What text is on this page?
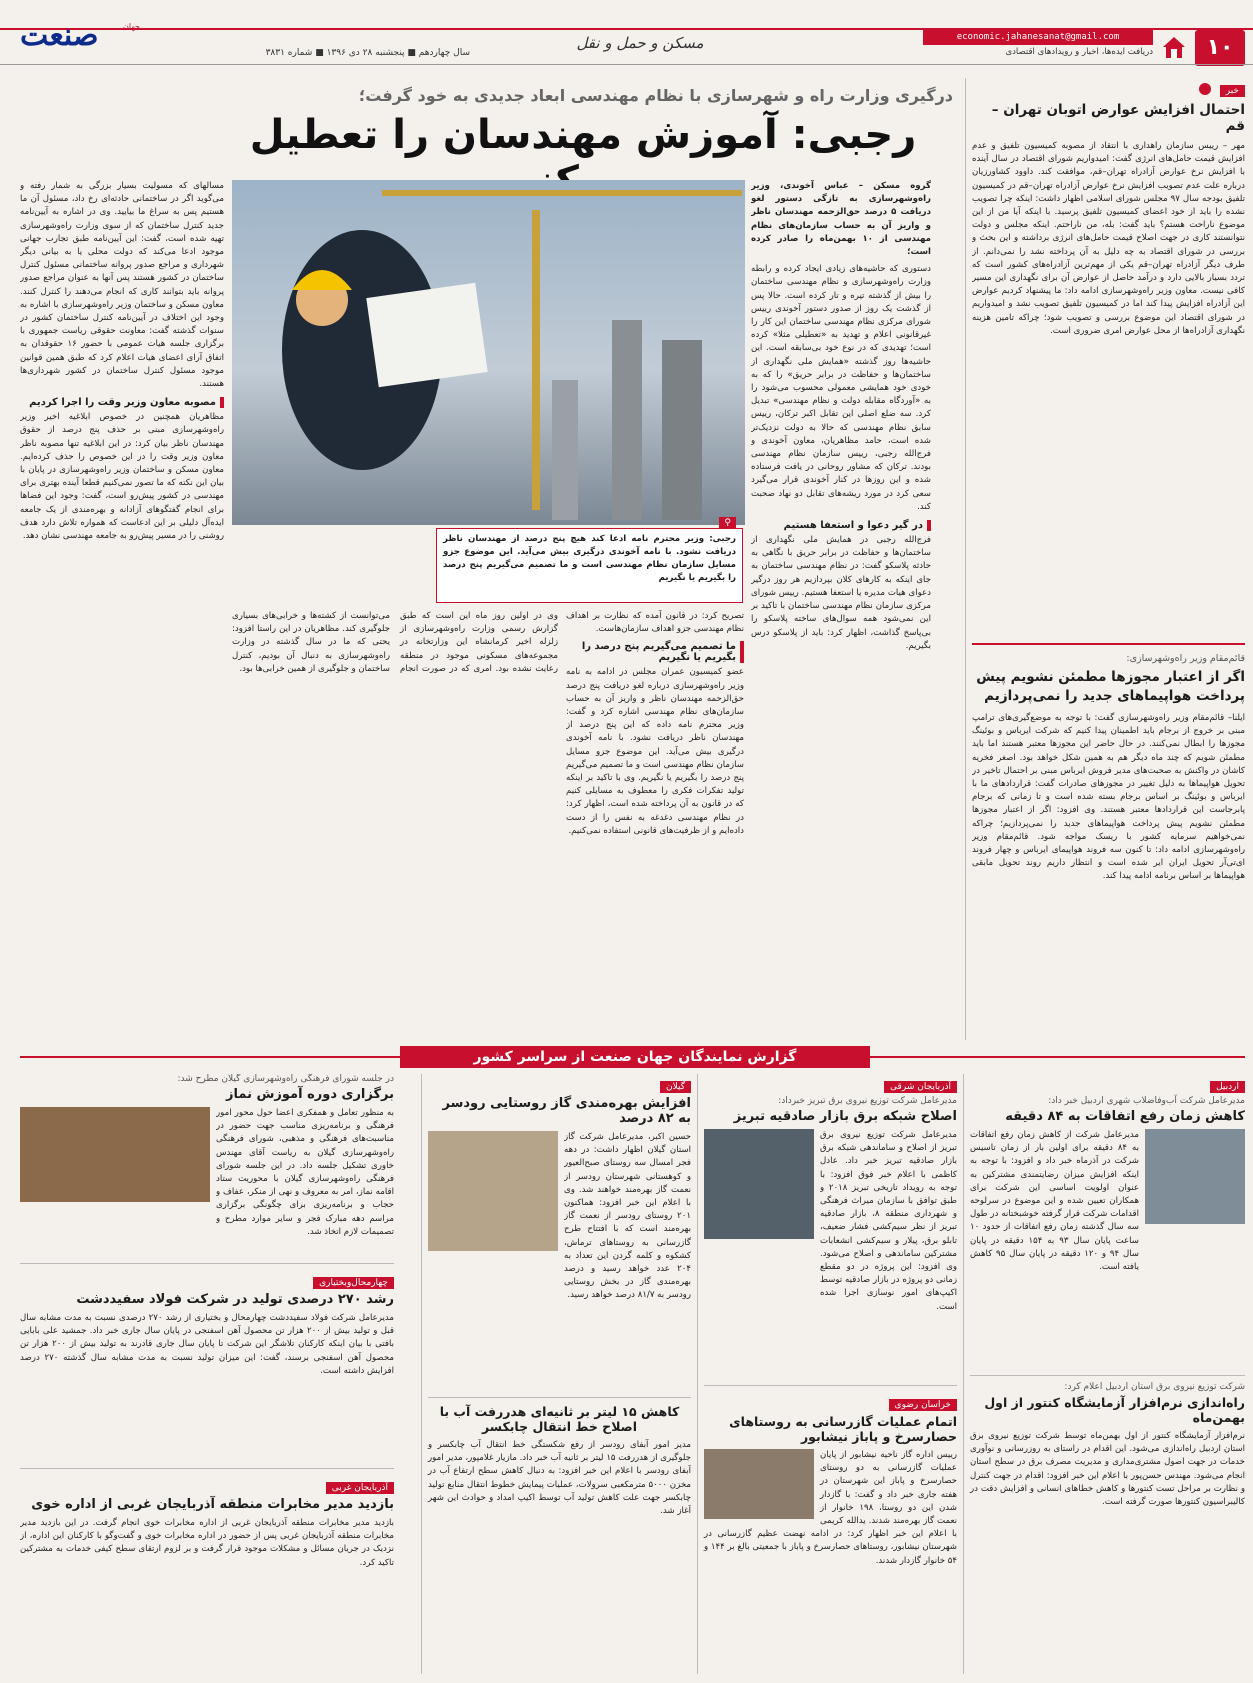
۱۰
economic.jahanesanat@gmail.com
دریافت ایده‌ها، اخبار و رویدادهای اقتصادی
مسکن و حمل و نقل
جهان
صنعت	سال چهاردهم ■ پنجشنبه ۲۸ دی ۱۳۹۶ ■ شماره ۳۸۳۱
خبر
احتمال افزایش عوارض اتوبان تهران – قم
مهر – رییس سازمان راهداری با انتقاد از مصوبه کمیسیون تلفیق و عدم افزایش قیمت حامل‌های انرژی گفت: امیدواریم شورای اقتصاد در سال آینده با افزایش نرخ عوارض آزادراه تهران–قم، موافقت کند. داوود کشاورزیان درباره علت عدم تصویب افزایش نرخ عوارض آزادراه تهران–قم در کمیسیون تلفیق بودجه سال ۹۷ مجلس شورای اسلامی اظهار داشت: اینکه چرا تصویب نشده را باید از خود اعضای کمیسیون تلفیق پرسید. با اینکه آیا من از این موضوع ناراحت هستم؟ باید گفت: بله، من ناراحتم. اینکه مجلس و دولت نتوانستند کاری در جهت اصلاح قیمت حامل‌های انرژی برداشته و این بحث و بررسی در شورای اقتصاد به چه دلیل به آن پرداخته نشد را نمی‌دانم. از طرف دیگر آزادراه تهران–قم یکی از مهم‌ترین آزادراه‌های کشور است که تردد بسیار بالایی دارد و درآمد حاصل از عوارض آن برای نگهداری این مسیر کافی نیست. معاون وزیر راه‌وشهرسازی ادامه داد: ما پیشنهاد کردیم عوارض این آزادراه افزایش پیدا کند اما در کمیسیون تلفیق تصویب نشد و امیدواریم در شورای اقتصاد این موضوع بررسی و تصویب شود؛ چراکه تامین هزینه نگهداری آزادراه‌ها از محل عوارض امری ضروری است.
قائم‌مقام وزیر راه‌وشهرسازی:
اگر از اعتبار مجوزها مطمئن نشویم پیش پرداخت هواپیماهای جدید را نمی‌پردازیم
ایلنا– قائم‌مقام وزیر راه‌وشهرسازی گفت: با توجه به موضع‌گیری‌های ترامپ مبنی بر خروج از برجام باید اطمینان پیدا کنیم که شرکت ایرباس و بوئینگ مجوزها را ابطال نمی‌کنند. در حال حاضر این مجوزها معتبر هستند اما باید مطمئن شویم که چند ماه دیگر هم به همین شکل خواهد بود. اصغر فخریه کاشان در واکنش به صحبت‌های مدیر فروش ایرباس مبنی بر احتمال تاخیر در تحویل هواپیماها به دلیل تغییر در مجوزهای صادرات گفت: قراردادهای ما با ایرباس و بوئینگ بر اساس برجام بسته شده است و تا زمانی که برجام پابرجاست این قراردادها معتبر هستند. وی افزود: اگر از اعتبار مجوزها مطمئن نشویم پیش پرداخت هواپیماهای جدید را نمی‌پردازیم؛ چراکه نمی‌خواهیم سرمایه کشور با ریسک مواجه شود. قائم‌مقام وزیر راه‌وشهرسازی ادامه داد: تا کنون سه فروند هواپیمای ایرباس و چهار فروند ای‌تی‌آر تحویل ایران ایر شده است و انتظار داریم روند تحویل مابقی هواپیماها بر اساس برنامه ادامه پیدا کند.
درگیری وزارت راه و شهرسازی با نظام مهندسی ابعاد جدیدی به خود گرفت؛
رجبی: آموزش مهندسان را تعطیل
⚲
رجبی: وزیر محترم نامه ادعا کند هیچ پنج درصد از مهندسان ناظر دریافت نشود. با نامه آخوندی درگیری بیش می‌آید. این موضوع جزو مسایل سازمان نظام مهندسی است و ما تصمیم می‌گیریم پنج درصد را بگیریم یا نگیریم
گروه مسکن – عباس آخوندی، وزیر راه‌وشهرسازی به تازگی دستور لغو دریافت ۵ درصد حق‌الزحمه مهندسان ناظر و واریز آن به حساب سازمان‌های نظام مهندسی از ۱۰ بهمن‌ماه را صادر کرده است؛
دستوری که حاشیه‌های زیادی ایجاد کرده و رابطه وزارت راه‌وشهرسازی و نظام مهندسی ساختمان را بیش از گذشته تیره و تار کرده است. حالا پس از گذشت یک روز از صدور دستور آخوندی رییس شورای مرکزی نظام مهندسی ساختمان این کار را غیرقانونی اعلام و تهدید به «تعطیلی مثلا» کرده است؛ تهدیدی که در نوع خود بی‌سابقه است. این حاشیه‌ها روز گذشته «همایش ملی نگهداری از ساختمان‌ها و حفاظت در برابر حریق» را که به خودی خود همایشی معمولی محسوب می‌شود را به «آوردگاه مقابله دولت و نظام مهندسی» تبدیل کرد. سه ضلع اصلی این تقابل اکبر ترکان، رییس سابق نظام مهندسی که حالا به دولت نزدیک‌تر شده است، حامد مظاهریان، معاون آخوندی و فرج‌الله رجبی، رییس سازمان نظام مهندسی بودند. ترکان که مشاور روحانی در یافت فرستاده شده و این روزها در کنار آخوندی قرار می‌گیرد سعی کرد در مورد ریشه‌های تقابل دو نهاد صحبت کند.
در گیر دعوا و استعفا هستیم
فرج‌الله رجبی در همایش ملی نگهداری از ساختمان‌ها و حفاظت در برابر حریق با نگاهی به حادثه پلاسکو گفت: در نظام مهندسی ساختمان به جای اینکه به کارهای کلان بپردازیم هر روز درگیر دعوای هیات مدیره یا استعفا هستیم. رییس شورای مرکزی سازمان نظام مهندسی ساختمان با تاکید بر این نمی‌شود همه سوال‌های ساخته پلاسکو را بی‌پاسخ گذاشت، اظهار کرد: باید از پلاسکو درس بگیریم.
تصریح کرد: در قانون آمده که نظارت بر اهداف نظام مهندسی جزو اهداف سازمان‌هاست.
ما تصمیم می‌گیریم پنج درصد را بگیریم یا نگیریم
عضو کمیسیون عمران مجلس در ادامه به نامه وزیر راه‌وشهرسازی درباره لغو دریافت پنج درصد حق‌الزحمه مهندسان ناظر و واریز آن به حساب سازمان‌های نظام مهندسی اشاره کرد و گفت: وزیر محترم نامه داده که این پنج درصد از مهندسان ناظر دریافت نشود. با نامه آخوندی درگیری بیش می‌آید. این موضوع جزو مسایل سازمان نظام مهندسی است و ما تصمیم می‌گیریم پنج درصد را بگیریم یا نگیریم. وی با تاکید بر اینکه تولید تفکرات فکری را معطوف به مسایلی کنیم که در قانون به آن پرداخته شده است، اظهار کرد: در نظام مهندسی دغدغه به نفس را از دست داده‌ایم و از ظرفیت‌های قانونی استفاده نمی‌کنیم.
وی در اولین روز ماه این است که طبق گزارش رسمی وزارت راه‌وشهرسازی از زلزله اخیر کرمانشاه این وزارتخانه در مجموعه‌های مسکونی موجود در منطقه رعایت نشده بود. امری که در صورت انجام می‌توانست از کشته‌ها و خرابی‌های بسیاری جلوگیری کند. مظاهریان در این راستا افزود: یحتی که ما در سال گذشته در وزارت راه‌وشهرسازی به دنبال آن بودیم، کنترل ساختمان و جلوگیری از همین خرابی‌ها بود.
مسالهای که مسولیت بسیار بزرگی به شمار رفته و می‌گوید اگر در ساختمانی حادثه‌ای رخ داد، مسئول آن ما هستیم پس به سراغ ما بیایید. وی در اشاره به آیین‌نامه جدید کنترل ساختمان که از سوی وزارت راه‌وشهرسازی تهیه شده است، گفت: این آیین‌نامه طبق تجارب جهانی موجود ادعا می‌کند که دولت محلی یا به بیانی دیگر شهرداری و مراجع صدور پروانه ساختمانی مسئول کنترل ساختمان در کشور هستند پس آنها به عنوان مراجع صدور پروانه باید بتوانند کاری که انجام می‌دهند را کنترل کنند. معاون مسکن و ساختمان وزیر راه‌وشهرسازی با اشاره به وجود این اختلاف در آیین‌نامه کنترل ساختمان کشور در سنوات گذشته گفت: معاونت حقوقی ریاست جمهوری با برگزاری جلسه هیات عمومی با حضور ۱۶ حقوقدان به اتفاق آرای اعضای هیات اعلام کرد که طبق همین قوانین موجود مسئول کنترل ساختمان در کشور شهرداری‌ها هستند.
مصوبه معاون وزیر وقت را اجرا کردیم
مظاهریان همچنین در خصوص ابلاغیه اخیر وزیر راه‌وشهرسازی مبنی بر حذف پنج درصد از حقوق مهندسان ناظر بیان کرد: در این ابلاغیه تنها مصوبه ناظر معاون وزیر وقت را در این خصوص را حذف کرده‌ایم. معاون مسکن و ساختمان وزیر راه‌وشهرسازی در پایان با بیان این نکته که ما تصور نمی‌کنیم قطعا آینده بهتری برای مهندسی در کشور پیش‌رو است، گفت: وجود این فضاها برای انجام گفتگوهای آزادانه و بهره‌مندی از یک جامعه ایده‌آل دلیلی بر این ادعاست که همواره تلاش دارد هدف روشنی را در مسیر پیش‌رو به جامعه مهندسی نشان دهد.
گزارش نمایندگان جهان صنعت از سراسر کشور
اردبیل
مدیرعامل شرکت آب‌وفاضلاب شهری اردبیل خبر داد:
کاهش زمان رفع اتفاقات به ۸۴ دقیقه
مدیرعامل شرکت از کاهش زمان رفع اتفاقات به ۸۴ دقیقه برای اولین بار از زمان تاسیس شرکت در آذرماه خبر داد و افزود: با توجه به اینکه افزایش میزان رضایتمندی مشترکین به عنوان اولویت اساسی این شرکت برای همکاران تعیین شده و این موضوع در سرلوحه اقدامات شرکت قرار گرفته خوشبختانه در طول سه سال گذشته زمان رفع اتفاقات از حدود ۱۰ ساعت پایان سال ۹۳ به ۱۵۴ دقیقه در پایان سال ۹۴ و ۱۲۰ دقیقه در پایان سال ۹۵ کاهش یافته است.
شرکت توزیع نیروی برق استان اردبیل اعلام کرد:
راه‌اندازی نرم‌افزار آزمایشگاه کنتور از اول بهمن‌ماه
نرم‌افزار آزمایشگاه کنتور از اول بهمن‌ماه توسط شرکت توزیع نیروی برق استان اردبیل راه‌اندازی می‌شود. این اقدام در راستای به روزرسانی و نوآوری خدمات در جهت اصول مشتری‌مداری و مدیریت مصرف برق در سطح استان انجام می‌شود. مهندس حسن‌پور با اعلام این خبر افزود: اقدام در جهت کنترل و نظارت بر مراحل تست کنتورها و کاهش خطاهای انسانی و افزایش دقت در کالیبراسیون کنتورها صورت گرفته است.
آذربایجان شرقی
مدیرعامل شرکت توزیع نیروی برق تبریز خبرداد:
اصلاح شبکه برق بازار صادقیه تبریز
مدیرعامل شرکت توزیع نیروی برق تبریز از اصلاح و ساماندهی شبکه برق بازار صادقیه تبریز خبر داد. عادل کاظمی با اعلام خبر فوق افزود: با توجه به رویداد تاریخی تبریز ۲۰۱۸ و طبق توافق با سازمان میراث فرهنگی و شهرداری منطقه ۸، بازار صادقیه تبریز از نظر سیم‌کشی فشار ضعیف، تابلو برق، پیلار و سیم‌کشی انشعابات مشترکین ساماندهی و اصلاح می‌شود. وی افزود: این پروژه در دو مقطع زمانی دو پروژه در بازار صادقیه توسط اکیپ‌های امور نوسازی اجرا شده است.
خراسان رضوی
اتمام عملیات گازرسانی به روستاهای حصارسرخ و پاباز نیشابور
رییس اداره گاز ناحیه نیشابور از پایان عملیات گازرسانی به دو روستای حصارسرخ و پاباز این شهرستان در هفته جاری خبر داد و گفت: با گازدار شدن این دو روستا، ۱۹۸ خانوار از نعمت گاز بهره‌مند شدند. یدالله کریمی با اعلام این خبر اظهار کرد: در ادامه نهضت عظیم گازرسانی در شهرستان نیشابور، روستاهای حصارسرخ و پاباز با جمعیتی بالغ بر ۱۴۴ و ۵۴ خانوار گازدار شدند.
گیلان
افزایش بهره‌مندی گاز روستایی رودسر به ۸۲ درصد
حسین اکبر، مدیرعامل شرکت گاز استان گیلان اظهار داشت: در دهه فجر امسال سه روستای صبح‌العیور و کوهستانی شهرستان رودسر از نعمت گاز بهره‌مند خواهند شد. وی با اعلام این خبر افزود: هماکنون ۲۰۱ روستای رودسر از نعمت گاز بهره‌مند است که با افتتاح طرح گازرسانی به روستاهای ترماش، کشکوه و کلمه گردن این تعداد به ۲۰۴ عدد خواهد رسید و درصد بهره‌مندی گاز در بخش روستایی رودسر به ۸۱/۷ درصد خواهد رسید.
کاهش ۱۵ لیتر بر ثانیه‌ای هدررفت آب با اصلاح خط انتقال چابکسر
مدیر امور آبفای رودسر از رفع شکستگی خط انتقال آب چابکسر و جلوگیری از هدررفت ۱۵ لیتر بر ثانیه آب خبر داد. مازیار غلامپور، مدیر امور آبفای رودسر با اعلام این خبر افزود: به دنبال کاهش سطح ارتفاع آب در مخزن ۵۰۰۰ مترمکعبی سرولات، عملیات پیمایش خطوط انتقال منابع تولید چابکسر جهت علت کاهش تولید آب توسط اکیپ امداد و حوادث این شهر آغاز شد.
در جلسه شورای فرهنگی راه‌وشهرسازی گیلان مطرح شد:
برگزاری دوره آموزش نماز
به منظور تعامل و همفکری اعضا حول محور امور فرهنگی و برنامه‌ریزی مناسب جهت حضور در مناسبت‌های فرهنگی و مذهبی، شورای فرهنگی راه‌وشهرسازی گیلان به ریاست آقای مهندس خاوری تشکیل جلسه داد. در این جلسه شورای فرهنگی راه‌وشهرسازی گیلان با محوریت ستاد اقامه نماز، امر به معروف و نهی از منکر، عفاف و حجاب و برنامه‌ریزی برای چگونگی برگزاری مراسم دهه مبارک فجر و سایر موارد مطرح و تصمیمات لازم اتخاذ شد.
چهارمحال‌وبختیاری
رشد ۲۷۰ درصدی تولید در شرکت فولاد سفیددشت
مدیرعامل شرکت فولاد سفیددشت چهارمحال و بختیاری از رشد ۲۷۰ درصدی نسبت به مدت مشابه سال قبل و تولید بیش از ۲۰۰ هزار تن محصول آهن اسفنجی در پایان سال جاری خبر داد. جمشید علی بابایی بافتی با بیان اینکه کارکنان تلاشگر این شرکت تا پایان سال جاری قادرند به تولید بیش از ۲۰۰ هزار تن محصول آهن اسفنجی برسند، گفت: این میزان تولید نسبت به مدت مشابه سال گذشته ۲۷۰ درصد افزایش داشته است.
آذربایجان غربی
بازدید مدیر مخابرات منطقه آذربایجان غربی از اداره خوی
بازدید مدیر مخابرات منطقه آذربایجان غربی از اداره مخابرات خوی انجام گرفت. در این بازدید مدیر مخابرات منطقه آذربایجان غربی پس از حضور در اداره مخابرات خوی و گفت‌وگو با کارکنان این اداره، از نزدیک در جریان مسائل و مشکلات موجود قرار گرفت و بر لزوم ارتقای سطح کیفی خدمات به مشترکین تاکید کرد.
